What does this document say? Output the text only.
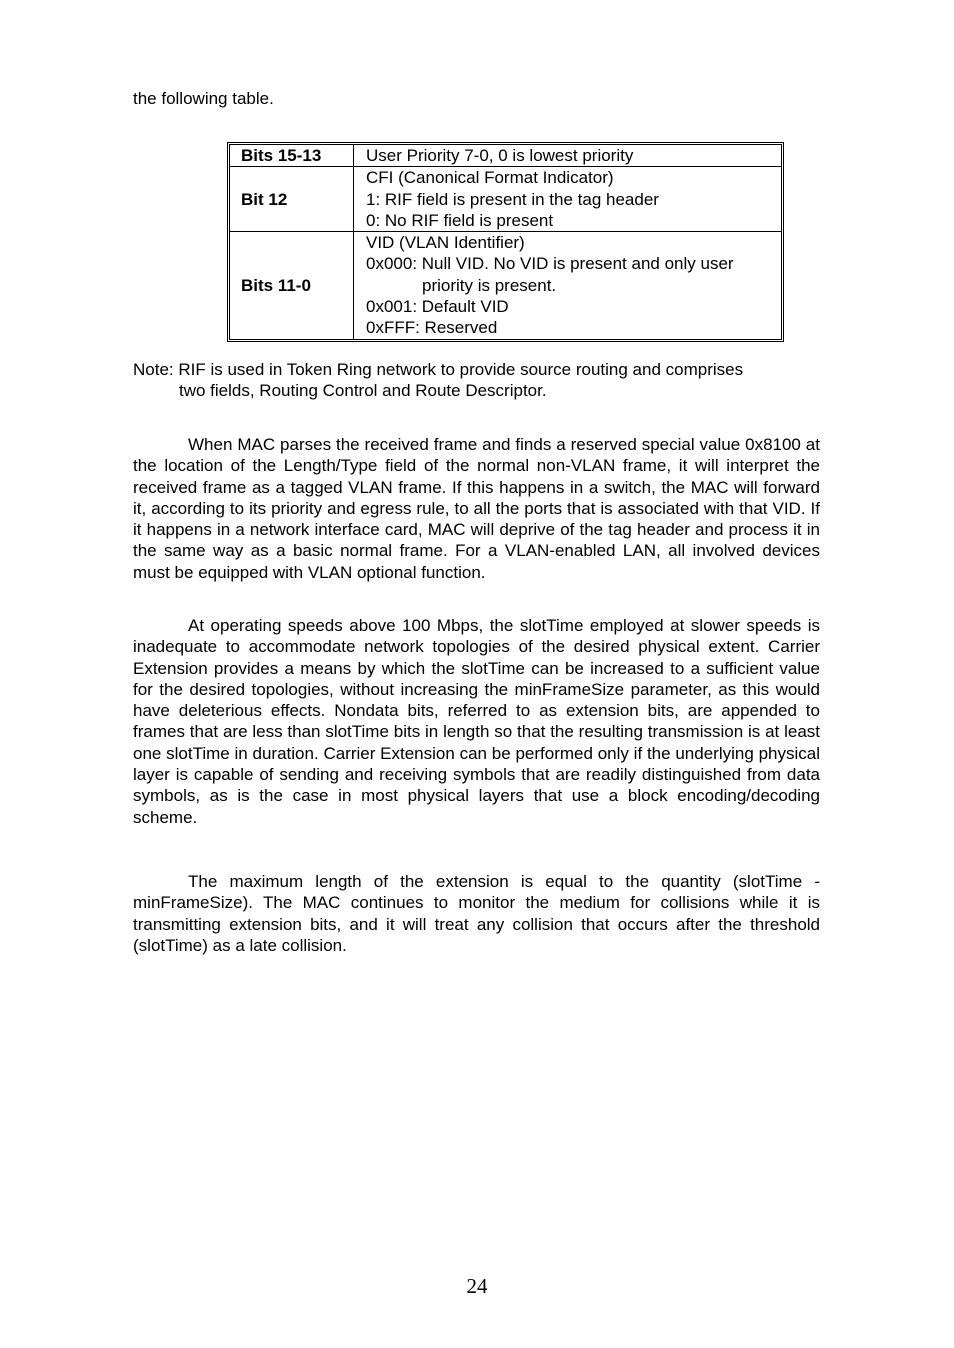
the following table.

Bits 15-13	User Priority 7-0, 0 is lowest priority

Bit 12	CFI (Canonical Format Indicator)
1: RIF field is present in the tag header
0: No RIF field is present

Bits 11-0	VID (VLAN Identifier)
0x000: Null VID. No VID is present and only user
priority is present.
0x001: Default VID
0xFFF: Reserved

Note: RIF is used in Token Ring network to provide source routing and comprises
two fields, Routing Control and Route Descriptor.

When MAC parses the received frame and finds a reserved special value 0x8100 at the location of the Length/Type field of the normal non-VLAN frame, it will interpret the received frame as a tagged VLAN frame. If this happens in a switch, the MAC will forward it, according to its priority and egress rule, to all the ports that is associated with that VID. If it happens in a network interface card, MAC will deprive of the tag header and process it in the same way as a basic normal frame. For a VLAN-enabled LAN, all involved devices must be equipped with VLAN optional function.

At operating speeds above 100 Mbps, the slotTime employed at slower speeds is inadequate to accommodate network topologies of the desired physical extent. Carrier Extension provides a means by which the slotTime can be increased to a sufficient value for the desired topologies, without increasing the minFrameSize parameter, as this would have deleterious effects. Nondata bits, referred to as extension bits, are appended to frames that are less than slotTime bits in length so that the resulting transmission is at least one slotTime in duration. Carrier Extension can be performed only if the underlying physical layer is capable of sending and receiving symbols that are readily distinguished from data symbols, as is the case in most physical layers that use a block encoding/decoding scheme.

The maximum length of the extension is equal to the quantity (slotTime - minFrameSize). The MAC continues to monitor the medium for collisions while it is transmitting extension bits, and it will treat any collision that occurs after the threshold (slotTime) as a late collision.

24
